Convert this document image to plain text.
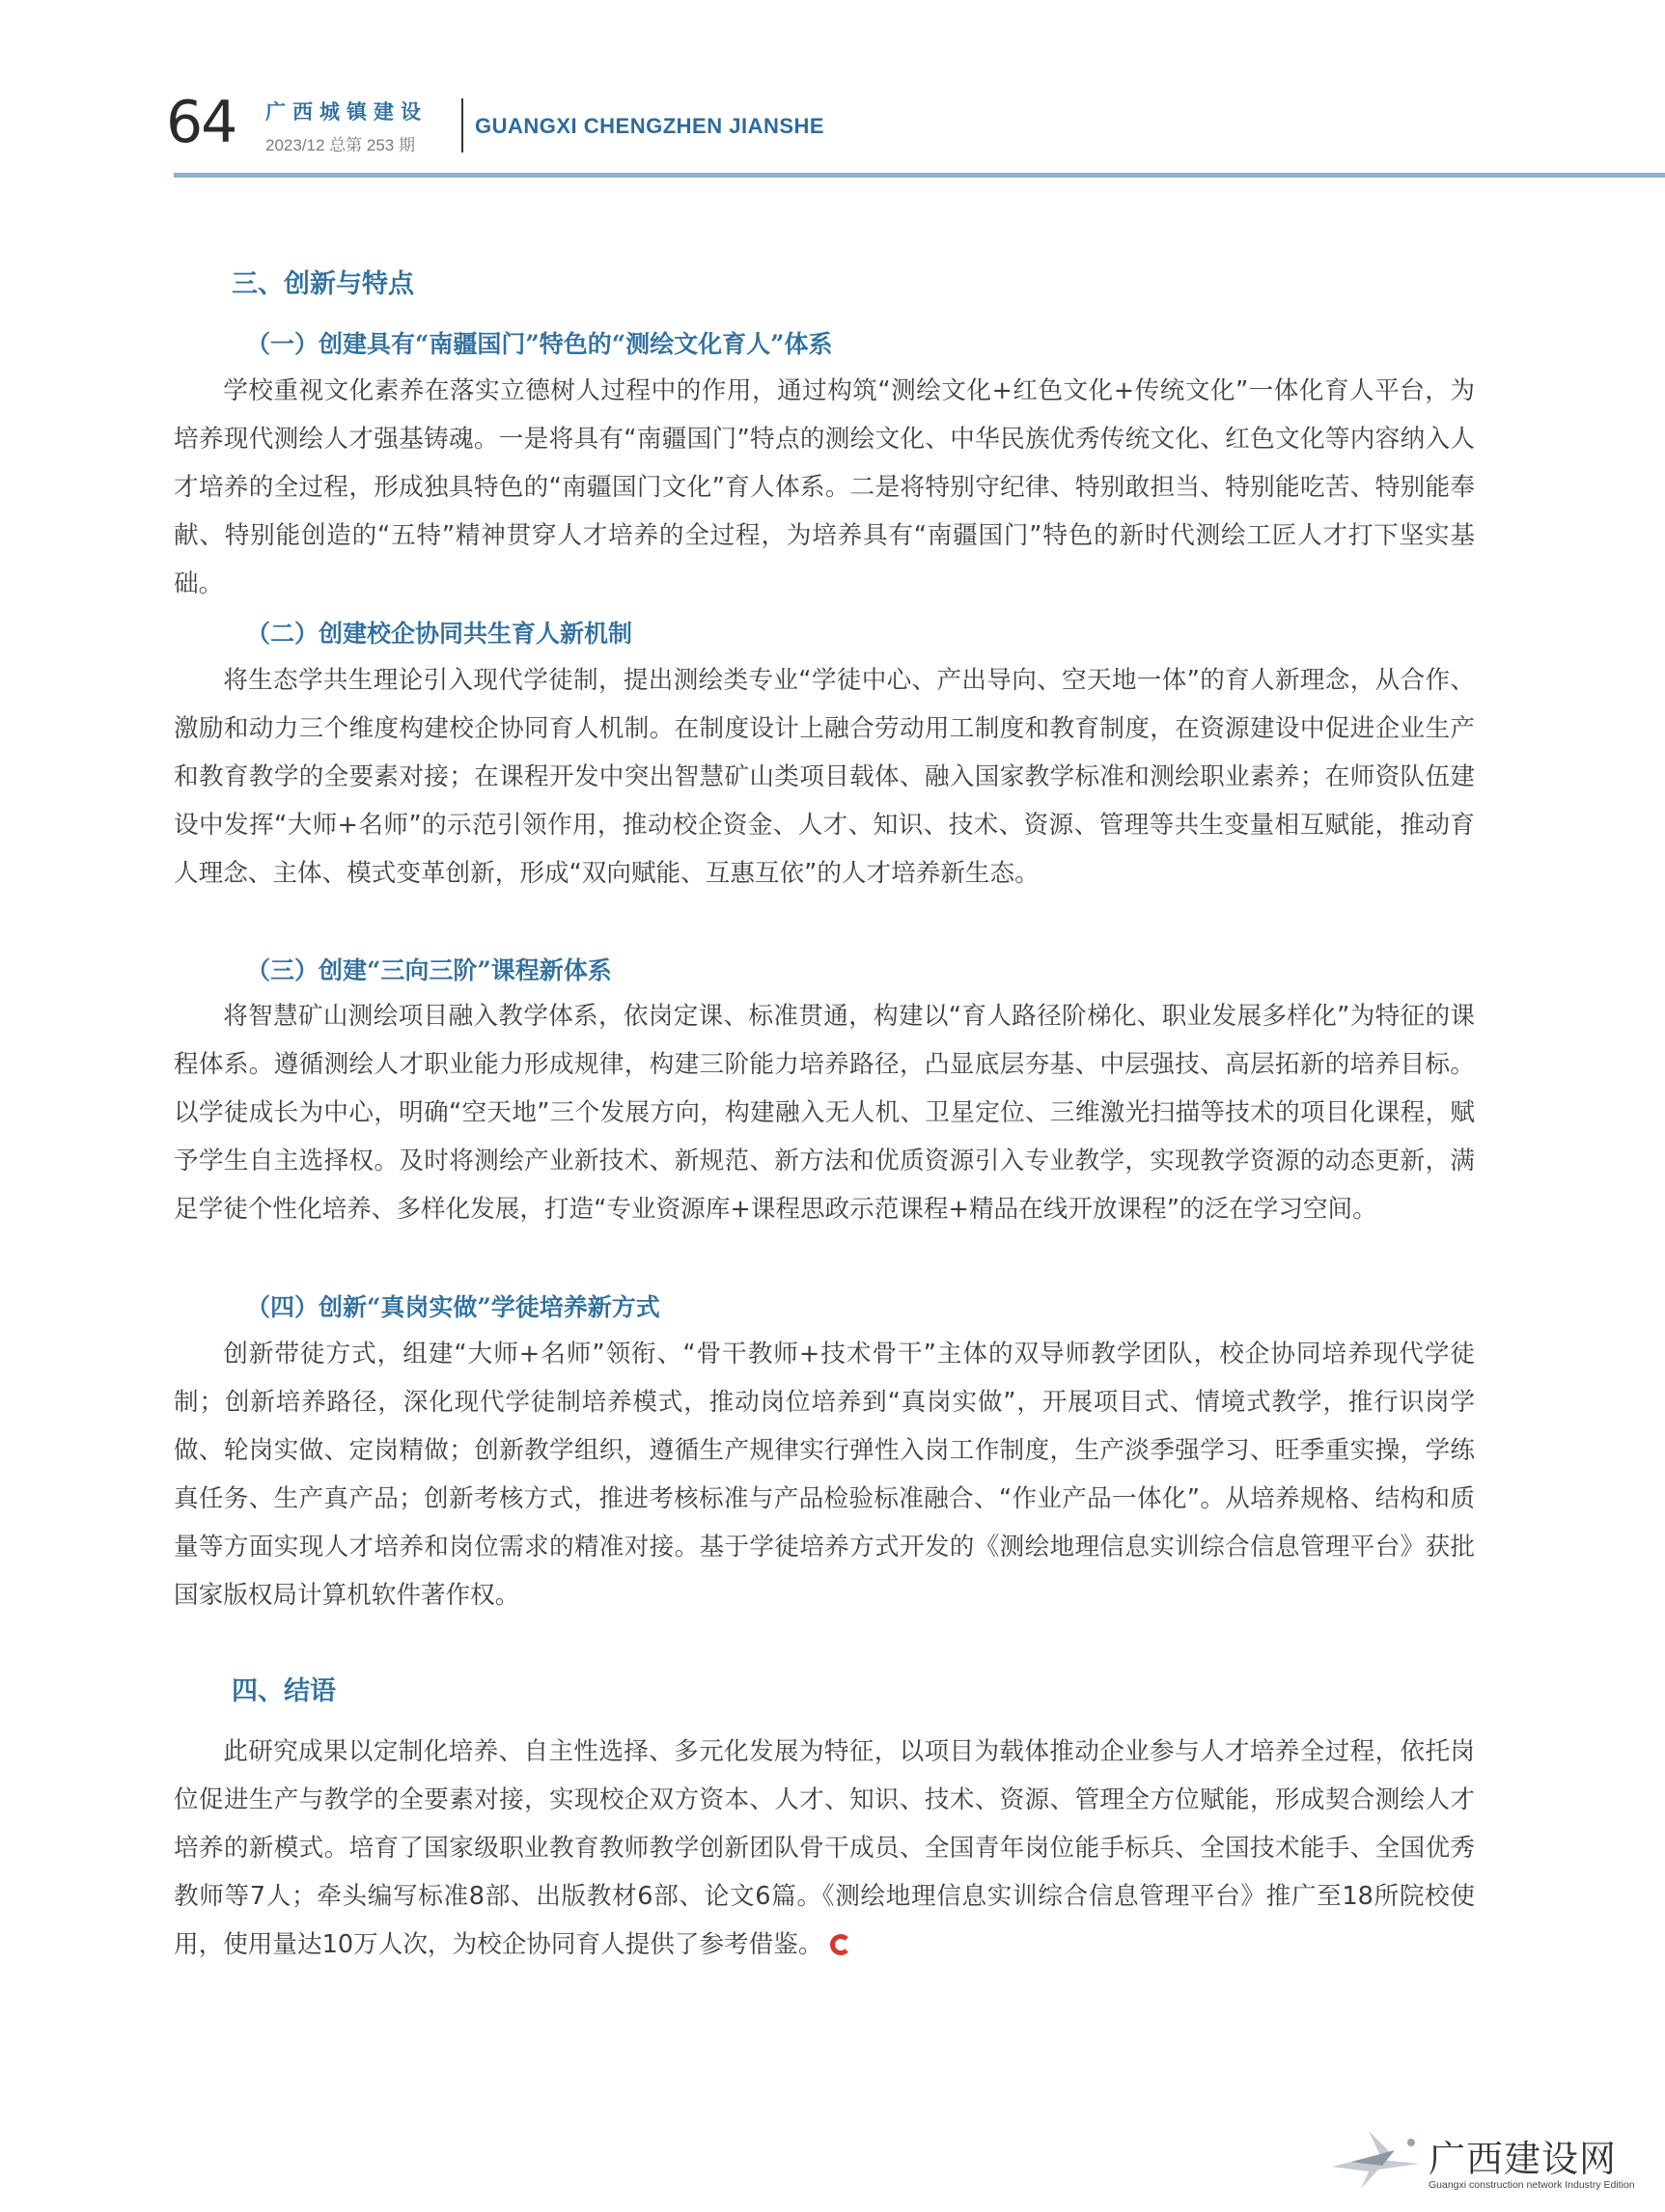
64 广西城镇建设
2023/12 总第 253 期
GUANGXI CHENGZHEN JIANSHE
三、创新与特点
（一）创建具有“南疆国门”特色的“测绘文化育人”体系

学校重视文化素养在落实立德树人过程中的作用，通过构筑“测绘文化+红色文化+传统文化”一体化育人平台，为培养现代测绘人才强基铸魂。一是将具有“南疆国门”特点的测绘文化、中华民族优秀传统文化、红色文化等内容纳入人才培养的全过程，形成独具特色的“南疆国门文化”育人体系。二是将特别守纪律、特别敢担当、特别能吃苦、特别能奉献、特别能创造的“五特”精神贯穿人才培养的全过程，为培养具有“南疆国门”特色的新时代测绘工匠人才打下坚实基础。

（二）创建校企协同共生育人新机制

将生态学共生理论引入现代学徒制，提出测绘类专业“学徒中心、产出导向、空天地一体”的育人新理念，从合作、激励和动力三个维度构建校企协同育人机制。在制度设计上融合劳动用工制度和教育制度，在资源建设中促进企业生产和教育教学的全要素对接；在课程开发中突出智慧矿山类项目载体、融入国家教学标准和测绘职业素养；在师资队伍建设中发挥“大师+名师”的示范引领作用，推动校企资金、人才、知识、技术、资源、管理等共生变量相互赋能，推动育人理念、主体、模式变革创新，形成“双向赋能、互惠互依”的人才培养新生态。

（三）创建“三向三阶”课程新体系

将智慧矿山测绘项目融入教学体系，依岗定课、标准贯通，构建以“育人路径阶梯化、职业发展多样化”为特征的课程体系。遵循测绘人才职业能力形成规律，构建三阶能力培养路径，凸显底层夯基、中层强技、高层拓新的培养目标。以学徒成长为中心，明确“空天地”三个发展方向，构建融入无人机、卫星定位、三维激光扫描等技术的项目化课程，赋予学生自主选择权。及时将测绘产业新技术、新规范、新方法和优质资源引入专业教学，实现教学资源的动态更新，满足学徒个性化培养、多样化发展，打造“专业资源库+课程思政示范课程+精品在线开放课程”的泛在学习空间。

（四）创新“真岗实做”学徒培养新方式

创新带徒方式，组建“大师+名师”领衔、“骨干教师+技术骨干”主体的双导师教学团队，校企协同培养现代学徒制；创新培养路径，深化现代学徒制培养模式，推动岗位培养到“真岗实做”，开展项目式、情境式教学，推行识岗学做、轮岗实做、定岗精做；创新教学组织，遵循生产规律实行弹性入岗工作制度，生产淡季强学习、旺季重实操，学练真任务、生产真产品；创新考核方式，推进考核标准与产品检验标准融合、“作业产品一体化”。从培养规格、结构和质量等方面实现人才培养和岗位需求的精准对接。基于学徒培养方式开发的《测绘地理信息实训综合信息管理平台》获批国家版权局计算机软件著作权。

四、结语

此研究成果以定制化培养、自主性选择、多元化发展为特征，以项目为载体推动企业参与人才培养全过程，依托岗位促进生产与教学的全要素对接，实现校企双方资本、人才、知识、技术、资源、管理全方位赋能，形成契合测绘人才培养的新模式。培育了国家级职业教育教师教学创新团队骨干成员、全国青年岗位能手标兵、全国技术能手、全国优秀教师等7人；牵头编写标准8部、出版教材6部、论文6篇。《测绘地理信息实训综合信息管理平台》推广至18所院校使用，使用量达10万人次，为校企协同育人提供了参考借鉴。

广西建设网
Guangxi construction network Industry Edition
